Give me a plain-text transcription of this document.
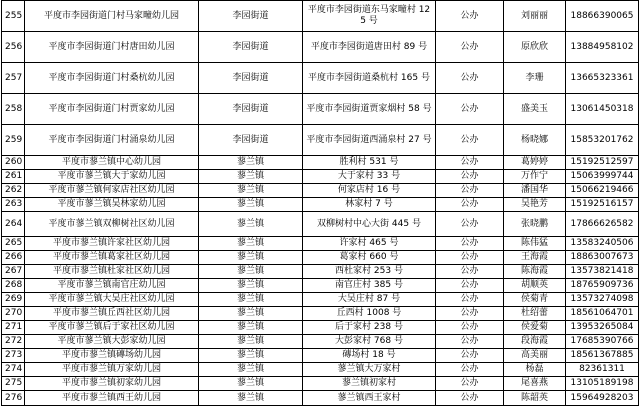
255	平度市李园街道门村马家疃幼儿园	李园街道	平度市李园街道东马家疃村 125 号	公办	刘丽丽	18866390065
256	平度市李园街道门村唐田幼儿园	李园街道	平度市李园街道唐田村 89 号	公办	原欣欣	13884958102
257	平度市李园街道门村桑杭幼儿园	李园街道	平度市李园街道桑杭村 165 号	公办	李珊	13665323361
258	平度市李园街道门村贾家幼儿园	李园街道	平度市李园街道贾家烟村 58 号	公办	盛美玉	13061450318
259	平度市李园街道门村涌泉幼儿园	李园街道	平度市李园街道西涌泉村 27 号	公办	杨晓娜	15853201762
260	平度市蓼兰镇中心幼儿园	蓼兰镇	胜利村 531 号	公办	葛婷婷	15192512597
261	平度市蓼兰镇大于家幼儿园	蓼兰镇	大于家村 33 号	公办	万作宁	15063999744
262	平度市蓼兰镇何家店社区幼儿园	蓼兰镇	何家店村 16 号	公办	潘国华	15066219466
263	平度市蓼兰镇吴林家幼儿园	蓼兰镇	林家村 7 号	公办	吴艳芳	15192516157
264	平度市蓼兰镇双柳树社区幼儿园	蓼兰镇	双柳树村中心大街 445 号	公办	张晓鹏	17866626582
265	平度市蓼兰镇许家社区幼儿园	蓼兰镇	许家村 465 号	公办	陈伟猛	13583240506
266	平度市蓼兰镇葛家社区幼儿园	蓼兰镇	葛家村 660 号	公办	王海霞	18863007673
267	平度市蓼兰镇杜家社区幼儿园	蓼兰镇	西杜家村 253 号	公办	陈海霞	13573821418
268	平度市蓼兰镇南官庄幼儿园	蓼兰镇	南官庄村 385 号	公办	胡顺英	18765909736
269	平度市蓼兰镇大吴庄社区幼儿园	蓼兰镇	大吴庄村 87 号	公办	侯菊青	13573274098
270	平度市蓼兰镇丘西社区幼儿园	蓼兰镇	丘西村 1008 号	公办	杜绍蕾	18561064701
271	平度市蓼兰镇后于家社区幼儿园	蓼兰镇	后于家村 238 号	公办	侯爱菊	13953265084
272	平度市蓼兰镇大彭家幼儿园	蓼兰镇	大彭家村 768 号	公办	段海霞	17685390766
273	平度市蓼兰镇磚场幼儿园	蓼兰镇	磚场村 18 号	公办	高美丽	18561367885
274	平度市蓼兰镇万家幼儿园	蓼兰镇	蓼兰镇大万家村	公办	杨磊	82361311
275	平度市蓼兰镇初家幼儿园	蓼兰镇	蓼兰镇初家村	公办	尾喜燕	13105189198
276	平度市蓼兰镇西王幼儿园	蓼兰镇	蓼兰镇西王家村	公办	陈韶英	15964928203
